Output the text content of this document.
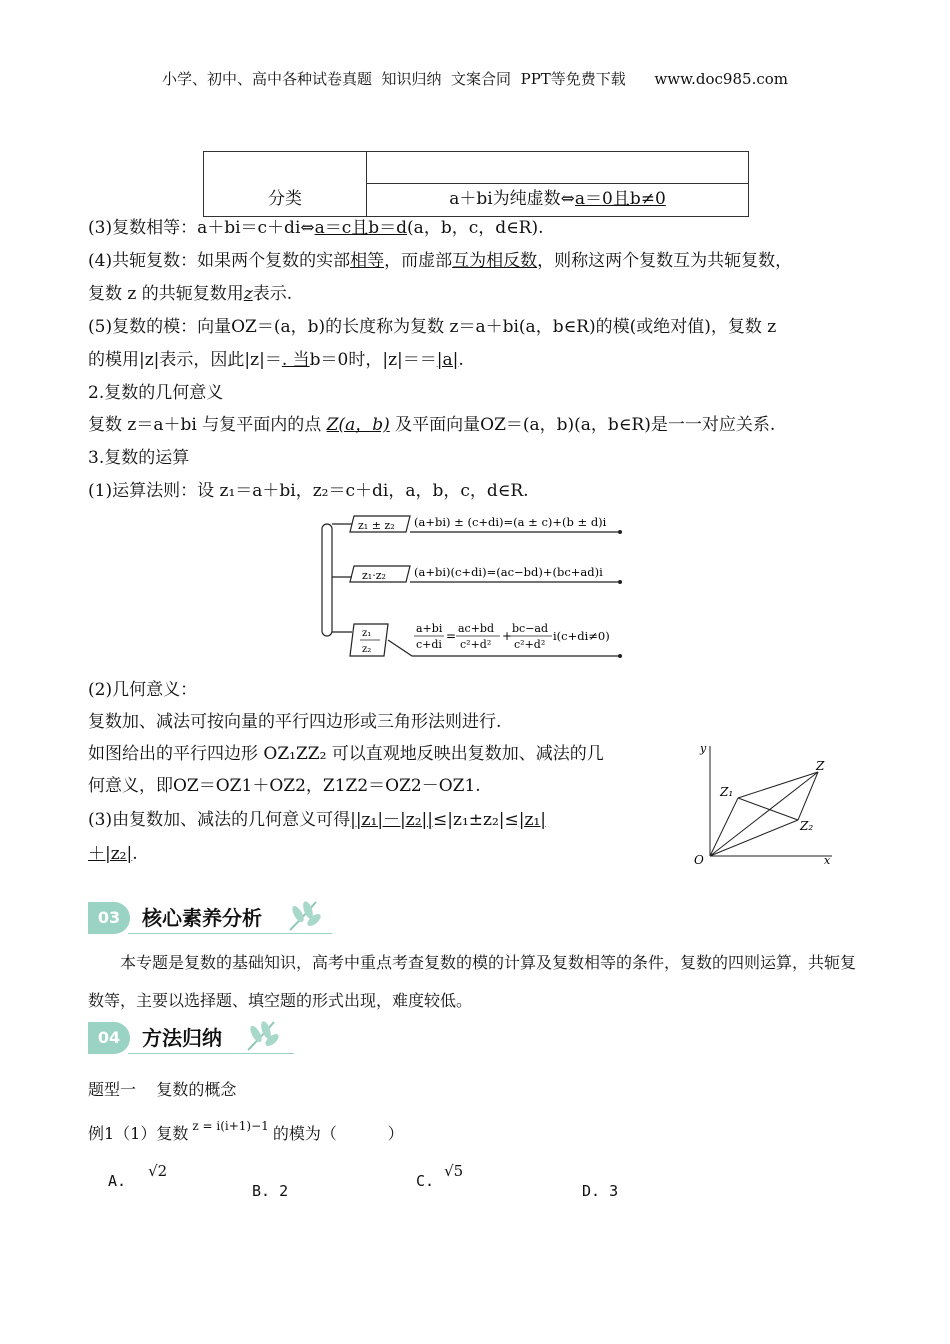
小学、初中、高中各种试卷真题  知识归纳  文案合同  PPT等免费下载      www.doc985.com
分类	a＋bi为纯虚数⇔a＝0且b≠0
(3)复数相等：a＋bi＝c＋di⇔a＝c且b＝d(a，b，c，d∈R).
(4)共轭复数：如果两个复数的实部相等，而虚部互为相反数，则称这两个复数互为共轭复数，
复数 z 的共轭复数用z表示.
(5)复数的模：向量OZ＝(a，b)的长度称为复数 z＝a＋bi(a，b∈R)的模(或绝对值)，复数 z
的模用|z|表示，因此|z|＝. 当b＝0时，|z|＝＝|a|.
2.复数的几何意义
复数 z＝a＋bi 与复平面内的点 Z(a，b) 及平面向量OZ＝(a，b)(a，b∈R)是一一对应关系.
3.复数的运算
(1)运算法则：设 z₁＝a＋bi，z₂＝c＋di，a，b，c，d∈R.
z₁ ± z₂ (a+bi) ± (c+di)=(a ± c)+(b ± d)i
z₁·z₂ (a+bi)(c+di)=(ac−bd)+(bc+ad)i
z₁
z₂
a+bi
c+di
=
ac+bd
c²+d²
+
bc−ad
c²+d²
i(c+di≠0)
(2)几何意义：
复数加、减法可按向量的平行四边形或三角形法则进行.
如图给出的平行四边形 OZ₁ZZ₂ 可以直观地反映出复数加、减法的几
何意义，即OZ＝OZ1＋OZ2，Z1Z2＝OZ2－OZ1.
(3)由复数加、减法的几何意义可得||z₁|－|z₂||≤|z₁±z₂|≤|z₁|
＋|z₂|.
y
x
O
Z
Z₁
Z₂
03	核心素养分析
本专题是复数的基础知识，高考中重点考查复数的模的计算及复数相等的条件，复数的四则运算，共轭复数等，主要以选择题、填空题的形式出现，难度较低。
04	方法归纳
题型一    复数的概念
例1（1）复数 $^{z = i(i+1)-1}$ 的模为（          ）
A.√2
B. 2
C.√5
D. 3
